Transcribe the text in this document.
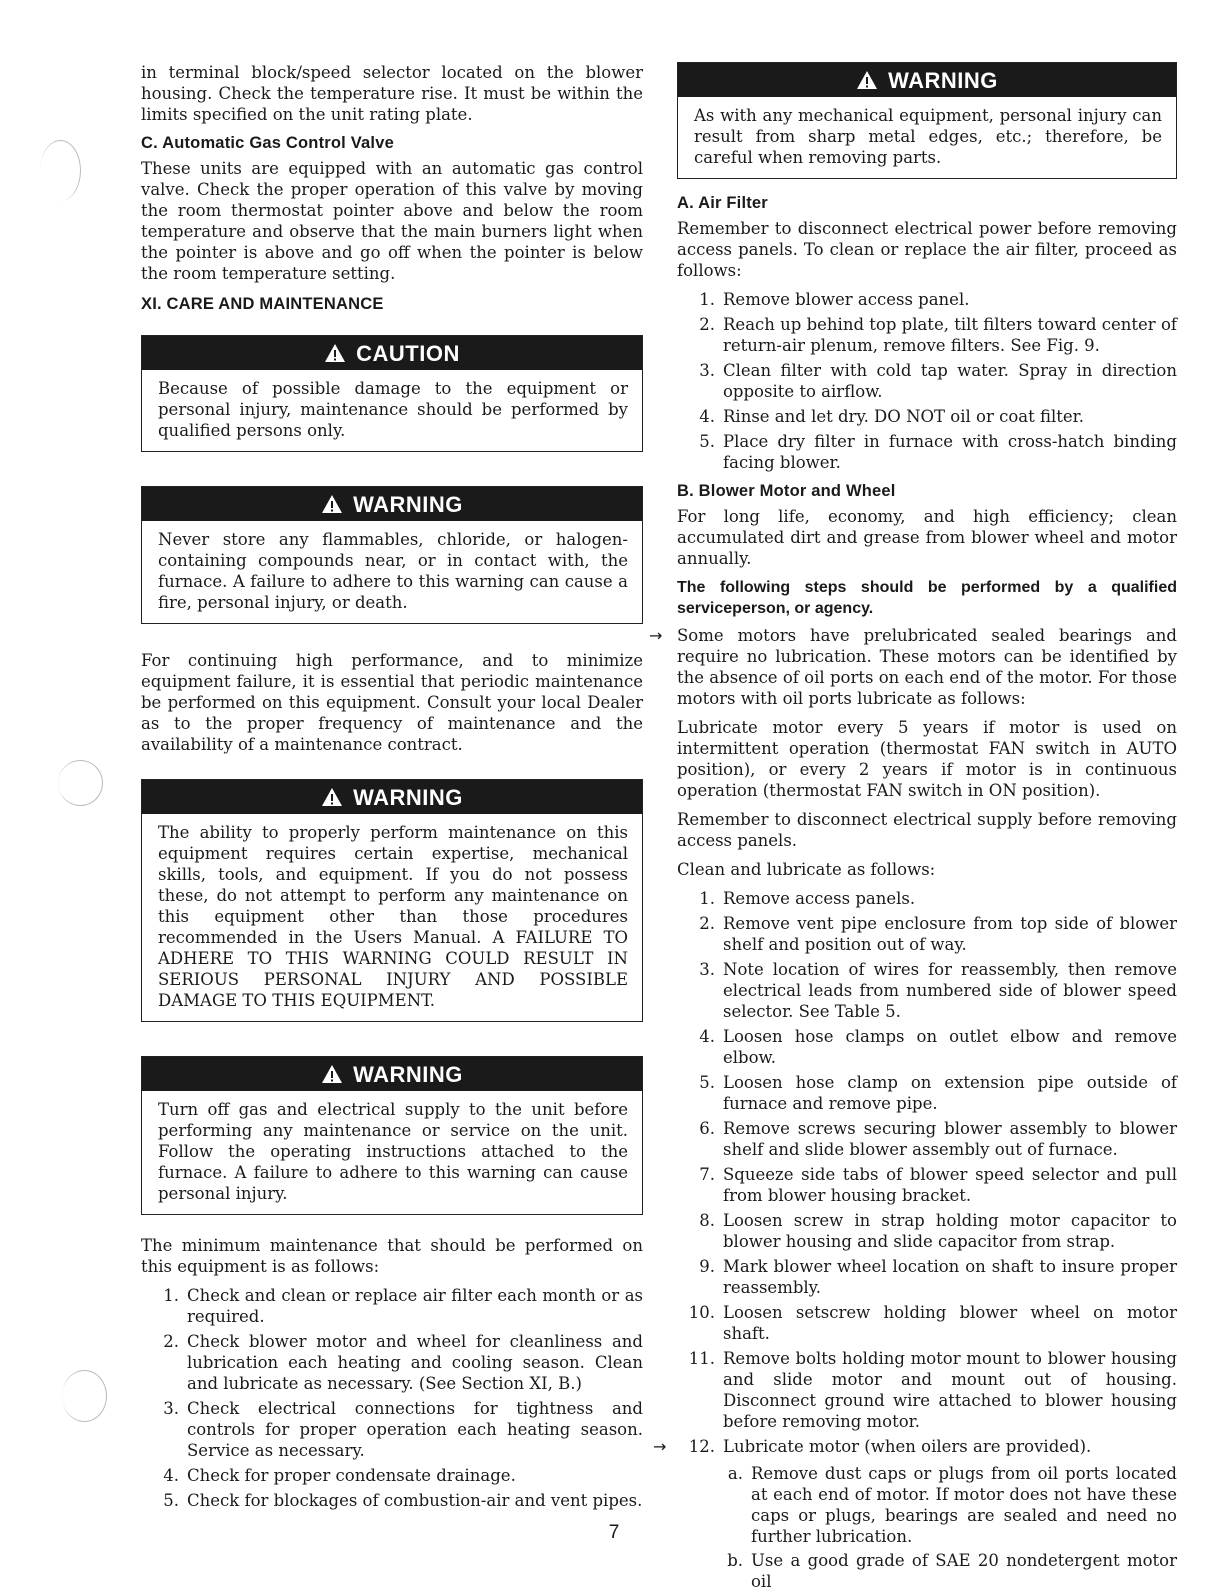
in terminal block/speed selector located on the blower housing. Check the temperature rise. It must be within the limits specified on the unit rating plate.

C. Automatic Gas Control Valve

These units are equipped with an automatic gas control valve. Check the proper operation of this valve by moving the room thermostat pointer above and below the room temperature and observe that the main burners light when the pointer is above and go off when the pointer is below the room temperature setting.

XI. CARE AND MAINTENANCE
CAUTION
Because of possible damage to the equipment or personal injury, maintenance should be performed by qualified persons only.
WARNING
Never store any flammables, chloride, or halogen-containing compounds near, or in contact with, the furnace. A failure to adhere to this warning can cause a fire, personal injury, or death.

For continuing high performance, and to minimize equipment failure, it is essential that periodic maintenance be performed on this equipment. Consult your local Dealer as to the proper frequency of maintenance and the availability of a maintenance contract.

WARNING
The ability to properly perform maintenance on this equipment requires certain expertise, mechanical skills, tools, and equipment. If you do not possess these, do not attempt to perform any maintenance on this equipment other than those procedures recommended in the Users Manual. A FAILURE TO ADHERE TO THIS WARNING COULD RESULT IN SERIOUS PERSONAL INJURY AND POSSIBLE DAMAGE TO THIS EQUIPMENT.
WARNING
Turn off gas and electrical supply to the unit before performing any maintenance or service on the unit. Follow the operating instructions attached to the furnace. A failure to adhere to this warning can cause personal injury.

The minimum maintenance that should be performed on this equipment is as follows:

1. Check and clean or replace air filter each month or as required.
2. Check blower motor and wheel for cleanliness and lubrication each heating and cooling season. Clean and lubricate as necessary. (See Section XI, B.)
3. Check electrical connections for tightness and controls for proper operation each heating season. Service as necessary.
4. Check for proper condensate drainage.
5. Check for blockages of combustion-air and vent pipes.
WARNING
As with any mechanical equipment, personal injury can result from sharp metal edges, etc.; therefore, be careful when removing parts.
A. Air Filter

Remember to disconnect electrical power before removing access panels. To clean or replace the air filter, proceed as follows:

1. Remove blower access panel.
2. Reach up behind top plate, tilt filters toward center of return-air plenum, remove filters. See Fig. 9.
3. Clean filter with cold tap water. Spray in direction opposite to airflow.
4. Rinse and let dry. DO NOT oil or coat filter.
5. Place dry filter in furnace with cross-hatch binding facing blower.
B. Blower Motor and Wheel

For long life, economy, and high efficiency; clean accumulated dirt and grease from blower wheel and motor annually.

The following steps should be performed by a qualified serviceperson, or agency.

→ Some motors have prelubricated sealed bearings and require no lubrication. These motors can be identified by the absence of oil ports on each end of the motor. For those motors with oil ports lubricate as follows:

Lubricate motor every 5 years if motor is used on intermittent operation (thermostat FAN switch in AUTO position), or every 2 years if motor is in continuous operation (thermostat FAN switch in ON position).

Remember to disconnect electrical supply before removing access panels.

Clean and lubricate as follows:

1. Remove access panels.
2. Remove vent pipe enclosure from top side of blower shelf and position out of way.
3. Note location of wires for reassembly, then remove electrical leads from numbered side of blower speed selector. See Table 5.
4. Loosen hose clamps on outlet elbow and remove elbow.
5. Loosen hose clamp on extension pipe outside of furnace and remove pipe.
6. Remove screws securing blower assembly to blower shelf and slide blower assembly out of furnace.
7. Squeeze side tabs of blower speed selector and pull from blower housing bracket.
8. Loosen screw in strap holding motor capacitor to blower housing and slide capacitor from strap.
9. Mark blower wheel location on shaft to insure proper reassembly.
10. Loosen setscrew holding blower wheel on motor shaft.
11. Remove bolts holding motor mount to blower housing and slide motor and mount out of housing. Disconnect ground wire attached to blower housing before removing motor.
→	12. Lubricate motor (when oilers are provided).
a. Remove dust caps or plugs from oil ports located at each end of motor. If motor does not have these caps or plugs, bearings are sealed and need no further lubrication.
b. Use a good grade of SAE 20 nondetergent motor oil
7
